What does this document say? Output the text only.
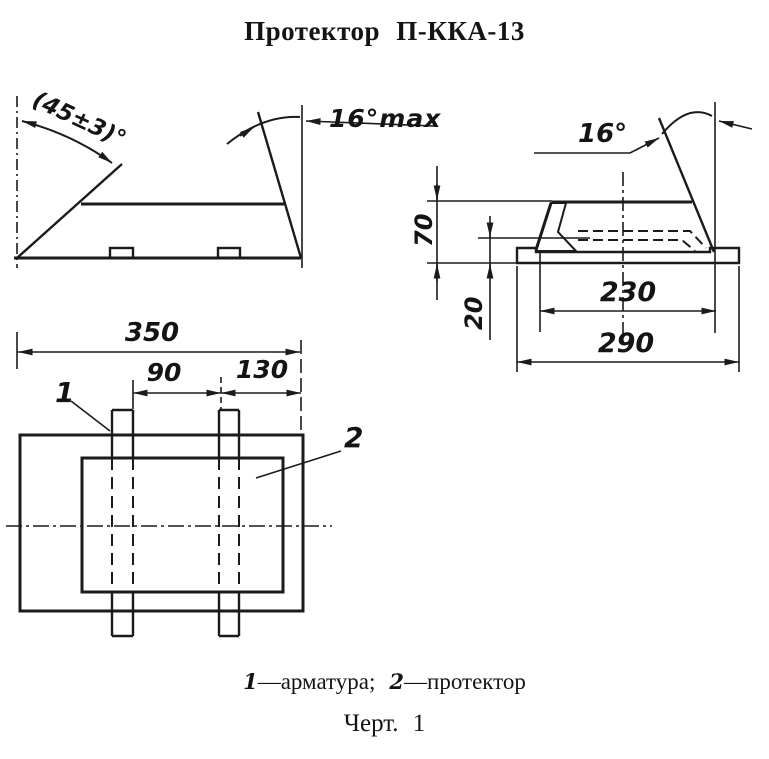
Протектор П-ККА-13
(45±3)°	16°max
16°
70
20
230
290
350
90 130
1
2
1—арматура; 2—протектор
Черт. 1
